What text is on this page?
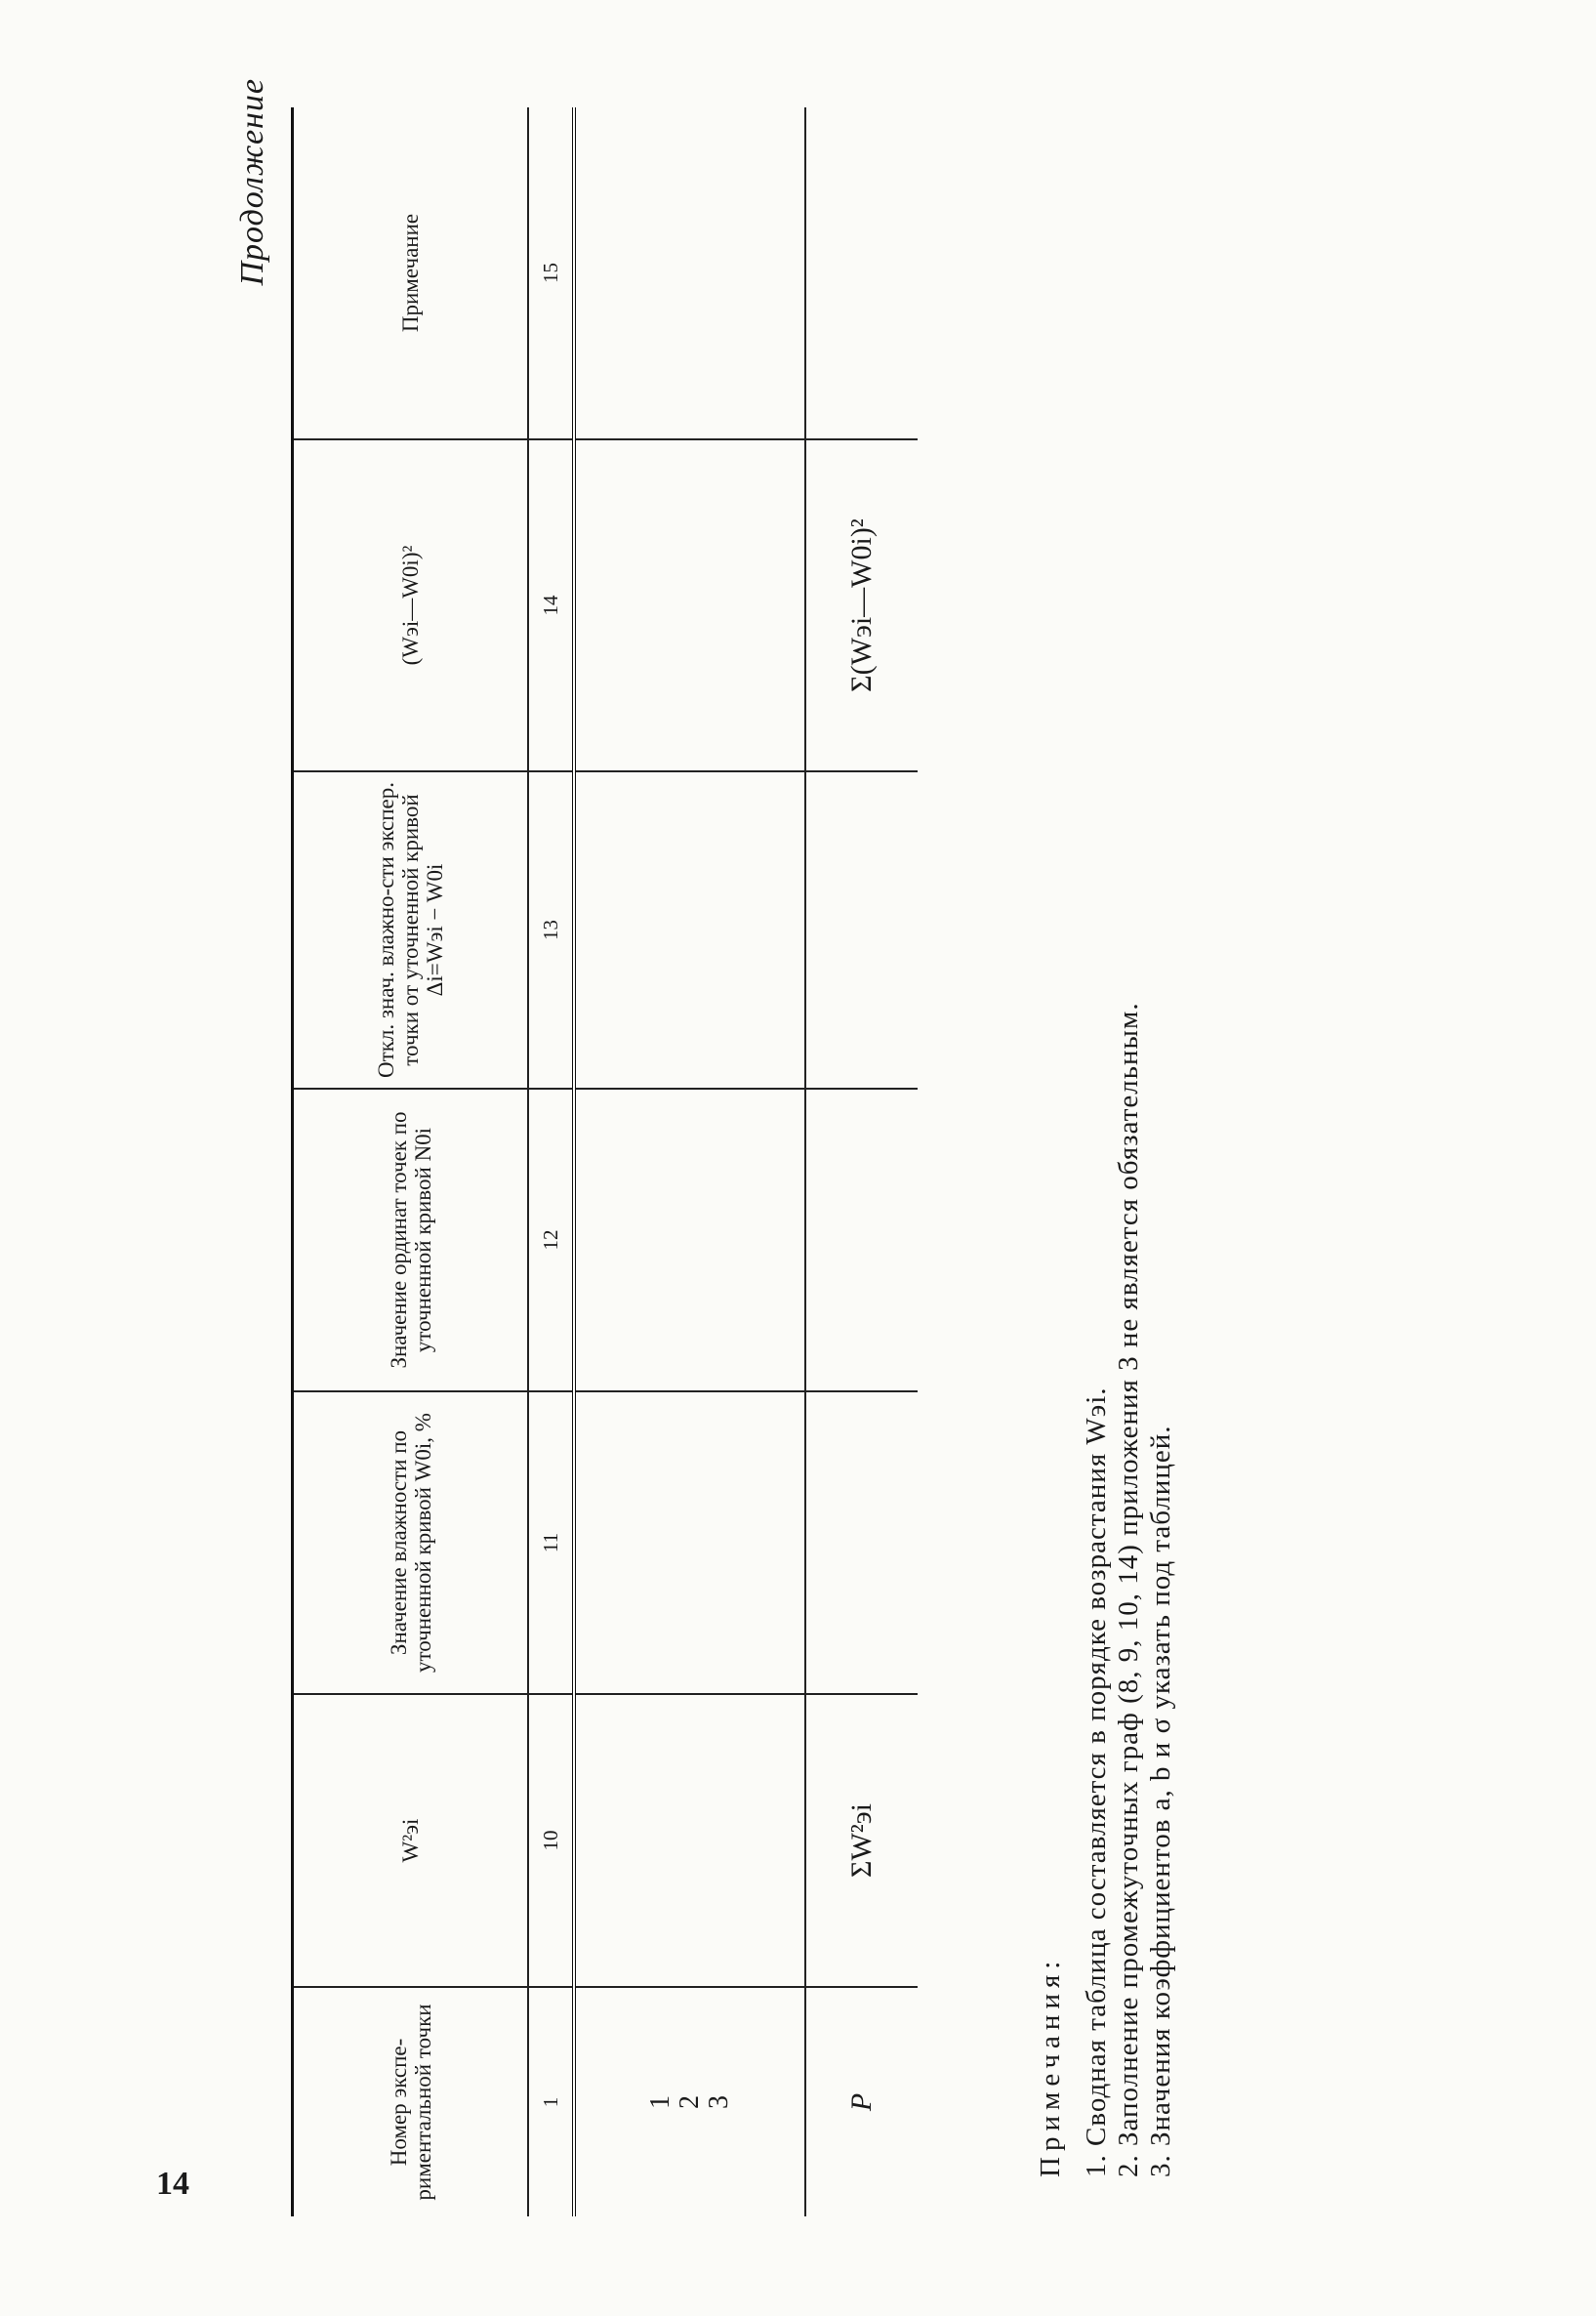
14
Продолжение
Номер экспе-риментальной точки	W²эi	Значение влажности по уточненной кривой W0i, %	Значение ординат точек по уточненной кривой N0i	Откл. знач. влажно-сти экспер. точки от уточненной кривой Δi=Wэi − W0i	(Wэi—W0i)²	Примечание
1	10	11	12	13	14	15

1 2 3						

P	ΣW²эi				Σ(Wэi—W0i)²	
Примечания: 1. Сводная таблица составляется в порядке возрастания Wэi. 2. Заполнение промежуточных граф (8, 9, 10, 14) приложения 3 не является обязательным. 3. Значения коэффициентов a, b и σ указать под таблицей.
